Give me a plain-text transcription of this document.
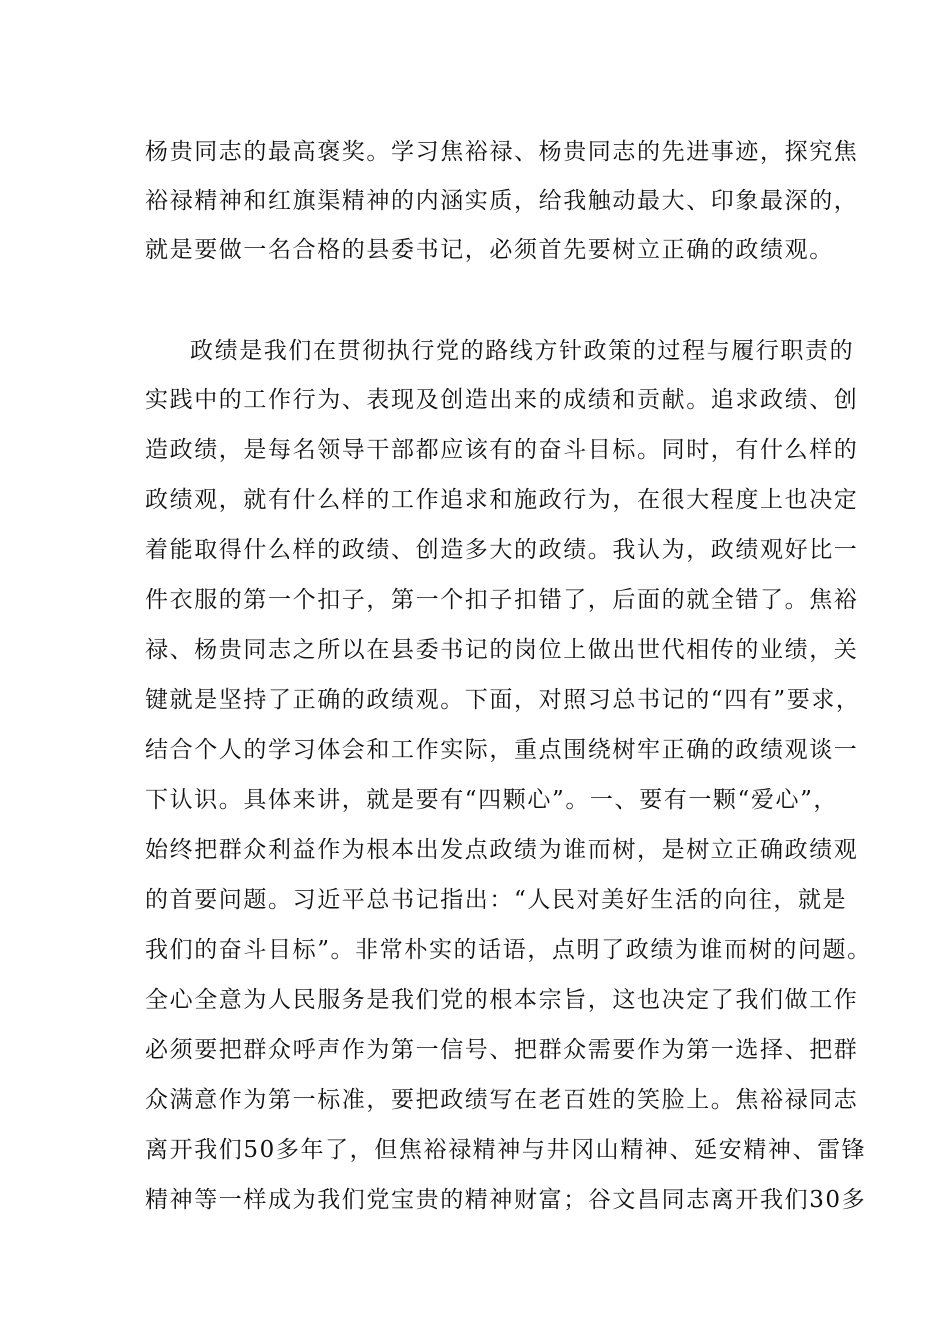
杨贵同志的最高褒奖。学习焦裕禄、杨贵同志的先进事迹，探究焦
裕禄精神和红旗渠精神的内涵实质，给我触动最大、印象最深的，
就是要做一名合格的县委书记，必须首先要树立正确的政绩观。
政绩是我们在贯彻执行党的路线方针政策的过程与履行职责的
实践中的工作行为、表现及创造出来的成绩和贡献。追求政绩、创
造政绩，是每名领导干部都应该有的奋斗目标。同时，有什么样的
政绩观，就有什么样的工作追求和施政行为，在很大程度上也决定
着能取得什么样的政绩、创造多大的政绩。我认为，政绩观好比一
件衣服的第一个扣子，第一个扣子扣错了，后面的就全错了。焦裕
禄、杨贵同志之所以在县委书记的岗位上做出世代相传的业绩，关
键就是坚持了正确的政绩观。下面，对照习总书记的“四有”要求，
结合个人的学习体会和工作实际，重点围绕树牢正确的政绩观谈一
下认识。具体来讲，就是要有“四颗心”。一、要有一颗“爱心”，
始终把群众利益作为根本出发点政绩为谁而树，是树立正确政绩观
的首要问题。习近平总书记指出：“人民对美好生活的向往，就是
我们的奋斗目标”。非常朴实的话语，点明了政绩为谁而树的问题。
全心全意为人民服务是我们党的根本宗旨，这也决定了我们做工作
必须要把群众呼声作为第一信号、把群众需要作为第一选择、把群
众满意作为第一标准，要把政绩写在老百姓的笑脸上。焦裕禄同志
离开我们50多年了，但焦裕禄精神与井冈山精神、延安精神、雷锋
精神等一样成为我们党宝贵的精神财富；谷文昌同志离开我们30多
